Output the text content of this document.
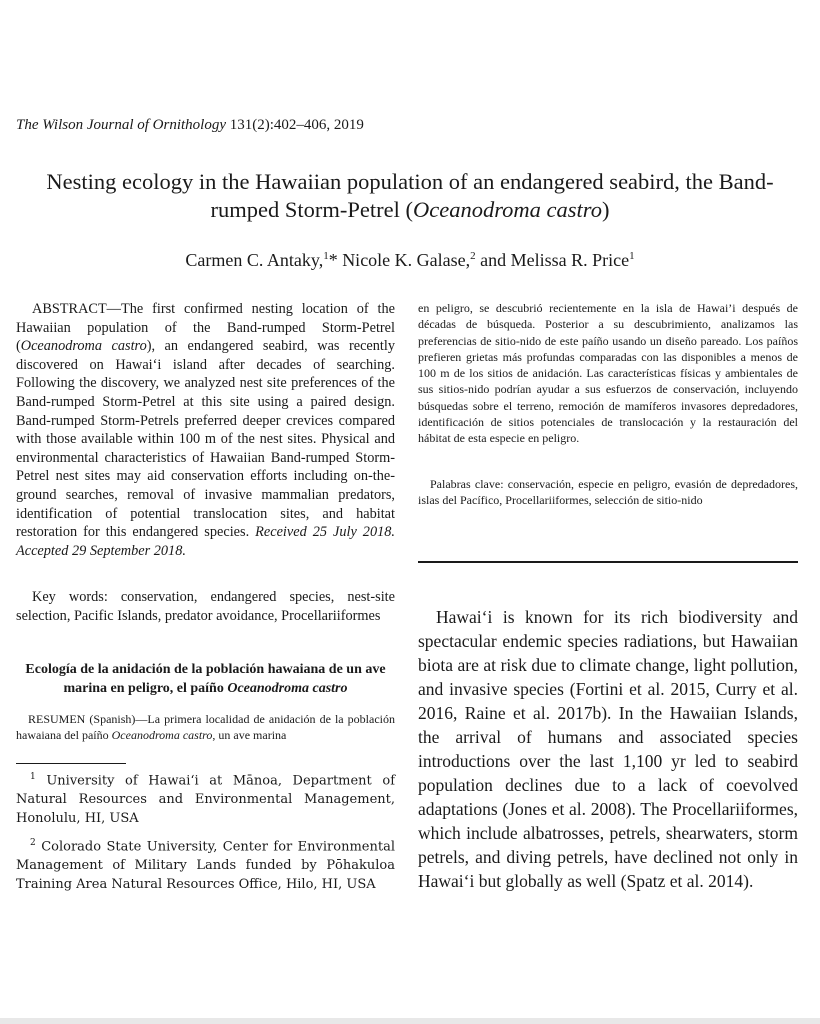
The Wilson Journal of Ornithology 131(2):402–406, 2019
Nesting ecology in the Hawaiian population of an endangered seabird, the Band-rumped Storm-Petrel (Oceanodroma castro)
Carmen C. Antaky,$^1$* Nicole K. Galase,$^2$ and Melissa R. Price$^1$

ABSTRACT—The first confirmed nesting location of the Hawaiian population of the Band-rumped Storm-Petrel (Oceanodroma castro), an endangered seabird, was recently discovered on Hawai‘i island after decades of searching. Following the discovery, we analyzed nest site preferences of the Band-rumped Storm-Petrel at this site using a paired design. Band-rumped Storm-Petrels preferred deeper crevices compared with those available within 100 m of the nest sites. Physical and environmental characteristics of Hawaiian Band-rumped Storm-Petrel nest sites may aid conservation efforts including on-the-ground searches, removal of invasive mammalian predators, identification of potential translocation sites, and habitat restoration for this endangered species. Received 25 July 2018. Accepted 29 September 2018.

Key words: conservation, endangered species, nest-site selection, Pacific Islands, predator avoidance, Procellariiformes

Ecología de la anidación de la población hawaiana de un ave marina en peligro, el paíño Oceanodroma castro

RESUMEN (Spanish)—La primera localidad de anidación de la población hawaiana del paíño Oceanodroma castro, un ave marina

$^1$ University of Hawai‘i at Mānoa, Department of Natural Resources and Environmental Management, Honolulu, HI, USA

$^2$ Colorado State University, Center for Environmental Management of Military Lands funded by Pōhakuloa Training Area Natural Resources Office, Hilo, HI, USA

en peligro, se descubrió recientemente en la isla de Hawai’i después de décadas de búsqueda. Posterior a su descubrimiento, analizamos las preferencias de sitio-nido de este paíño usando un diseño pareado. Los paíños prefieren grietas más profundas comparadas con las disponibles a menos de 100 m de los sitios de anidación. Las características físicas y ambientales de sus sitios-nido podrían ayudar a sus esfuerzos de conservación, incluyendo búsquedas sobre el terreno, remoción de mamíferos invasores depredadores, identificación de sitios potenciales de translocación y la restauración del hábitat de esta especie en peligro.

Palabras clave: conservación, especie en peligro, evasión de depredadores, islas del Pacífico, Procellariiformes, selección de sitio-nido

Hawai‘i is known for its rich biodiversity and spectacular endemic species radiations, but Hawaiian biota are at risk due to climate change, light pollution, and invasive species (Fortini et al. 2015, Curry et al. 2016, Raine et al. 2017b). In the Hawaiian Islands, the arrival of humans and associated species introductions over the last 1,100 yr led to seabird population declines due to a lack of coevolved adaptations (Jones et al. 2008). The Procellariiformes, which include albatrosses, petrels, shearwaters, storm petrels, and diving petrels, have declined not only in Hawai‘i but globally as well (Spatz et al. 2014).
